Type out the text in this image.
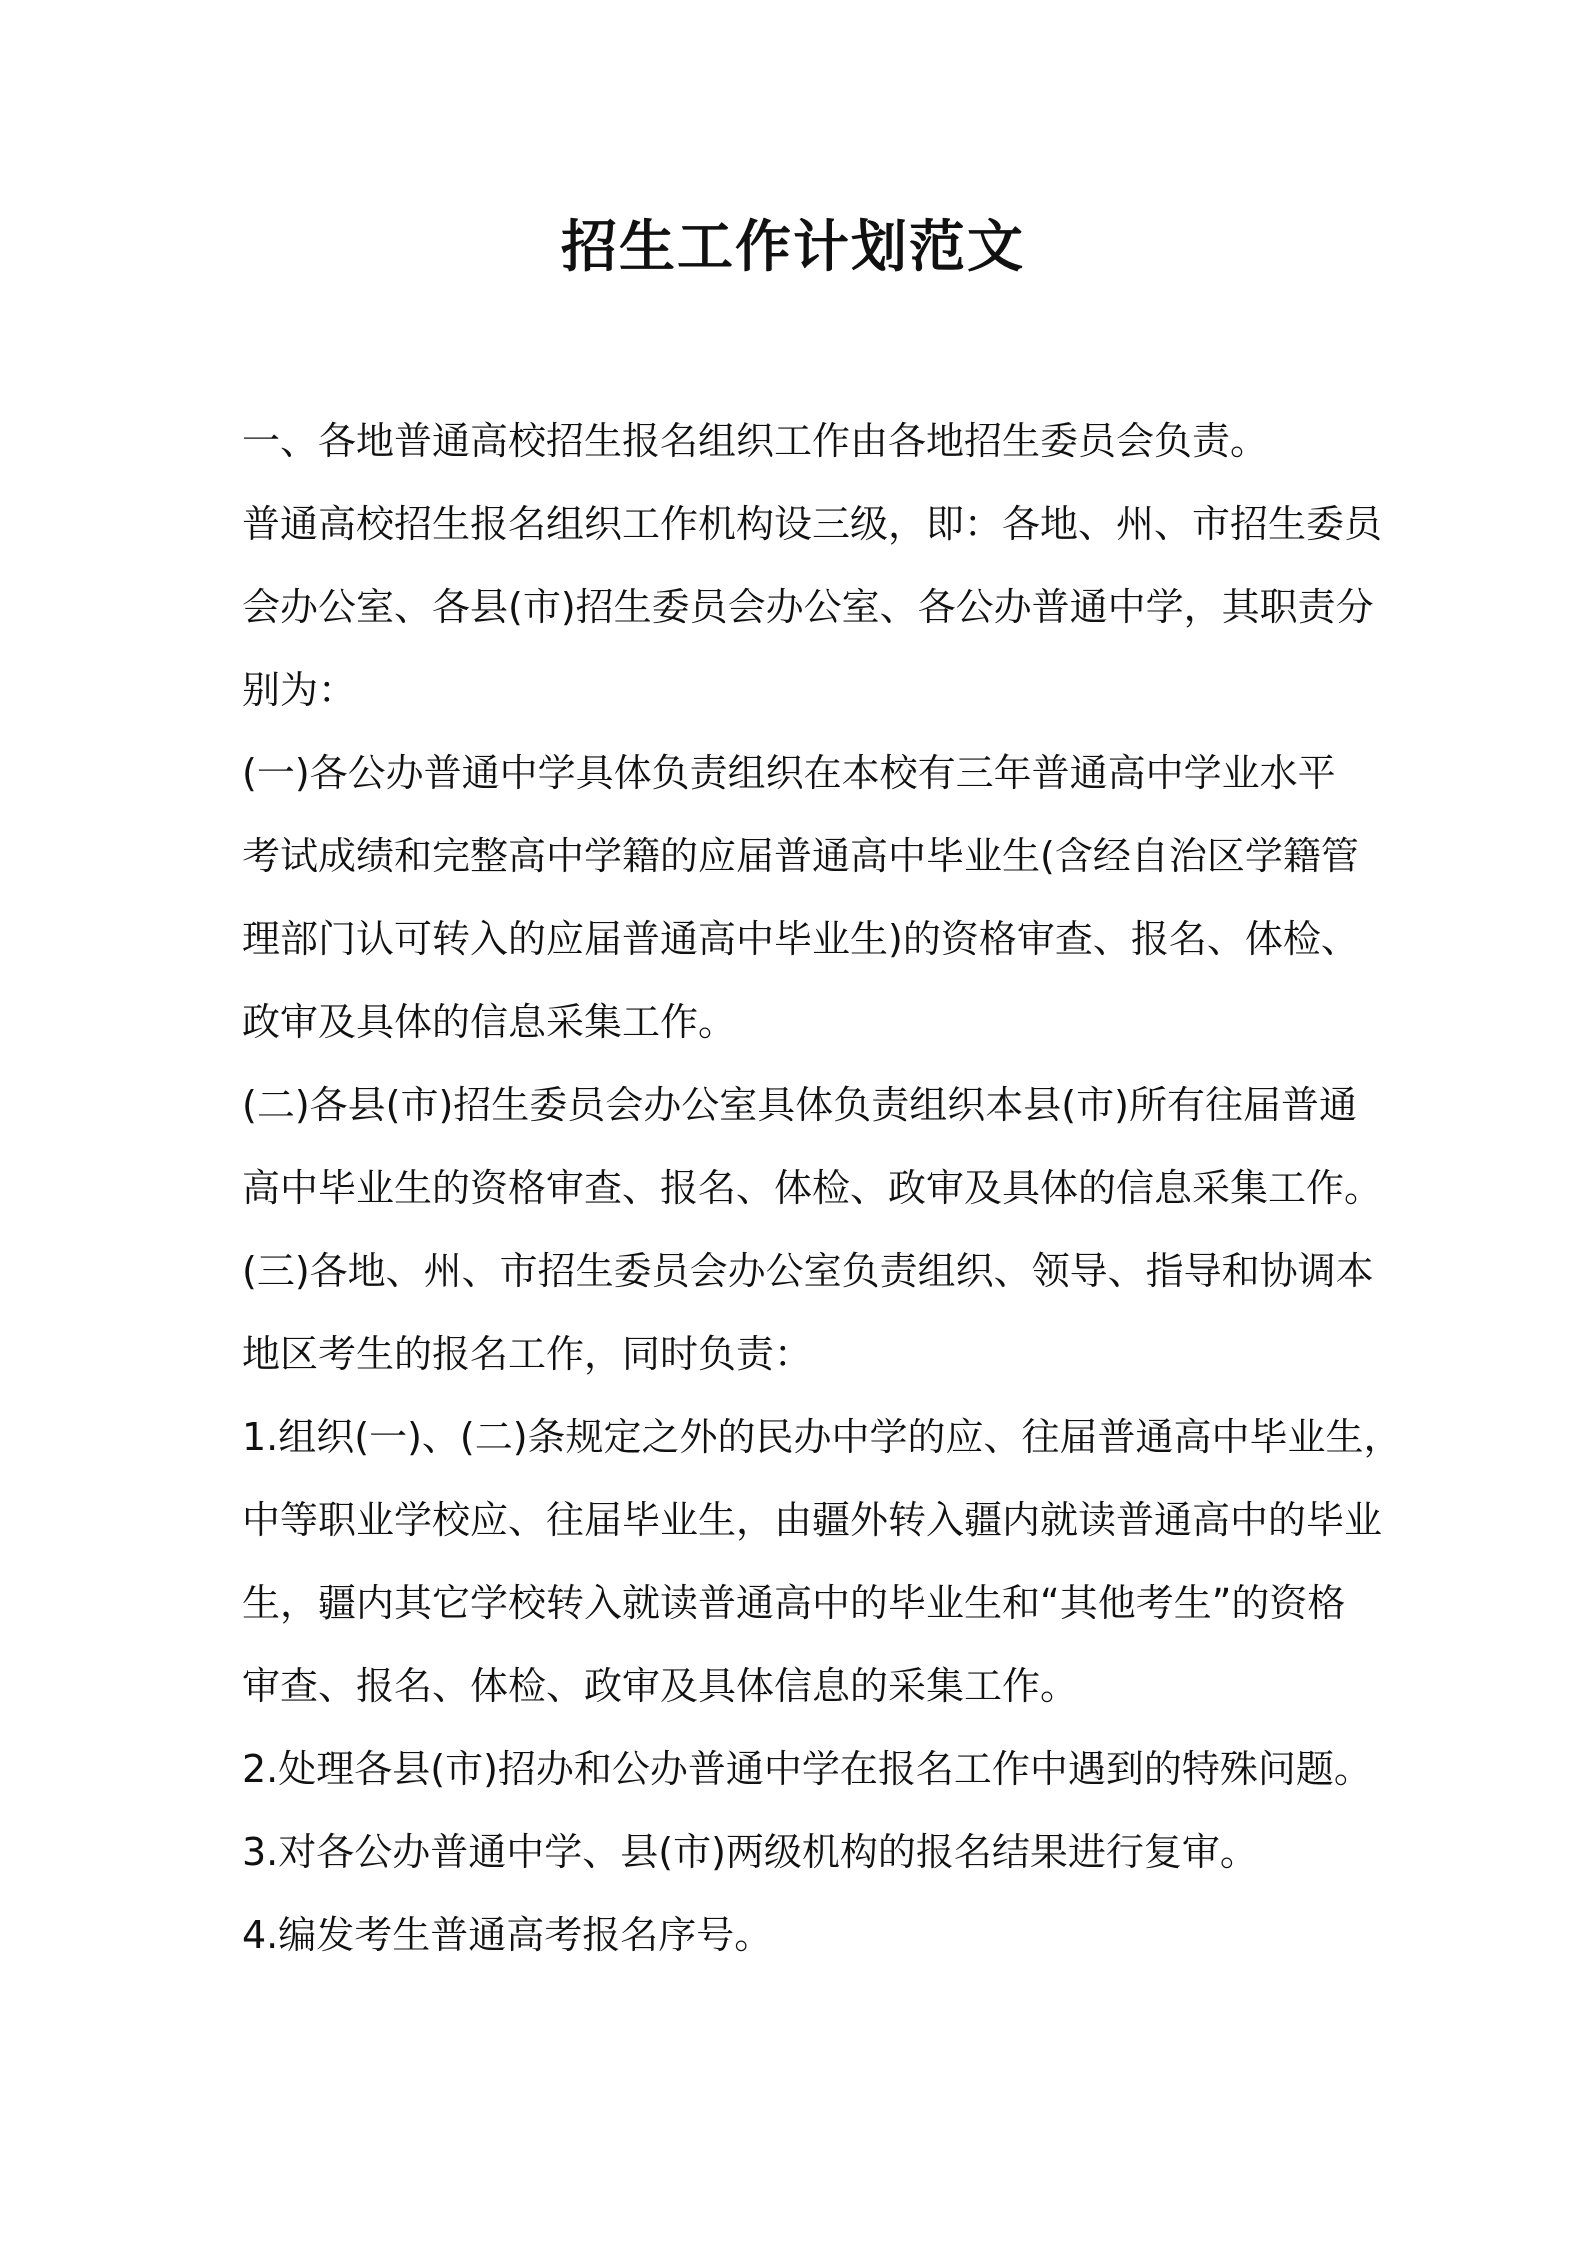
招生工作计划范文
一、各地普通高校招生报名组织工作由各地招生委员会负责。
普通高校招生报名组织工作机构设三级，即：各地、州、市招生委员
会办公室、各县(市)招生委员会办公室、各公办普通中学，其职责分
别为：
(一)各公办普通中学具体负责组织在本校有三年普通高中学业水平
考试成绩和完整高中学籍的应届普通高中毕业生(含经自治区学籍管
理部门认可转入的应届普通高中毕业生)的资格审查、报名、体检、
政审及具体的信息采集工作。
(二)各县(市)招生委员会办公室具体负责组织本县(市)所有往届普通
高中毕业生的资格审查、报名、体检、政审及具体的信息采集工作。
(三)各地、州、市招生委员会办公室负责组织、领导、指导和协调本
地区考生的报名工作，同时负责：
1.组织(一)、(二)条规定之外的民办中学的应、往届普通高中毕业生，
中等职业学校应、往届毕业生，由疆外转入疆内就读普通高中的毕业
生，疆内其它学校转入就读普通高中的毕业生和“其他考生”的资格
审查、报名、体检、政审及具体信息的采集工作。
2.处理各县(市)招办和公办普通中学在报名工作中遇到的特殊问题。
3.对各公办普通中学、县(市)两级机构的报名结果进行复审。
4.编发考生普通高考报名序号。
